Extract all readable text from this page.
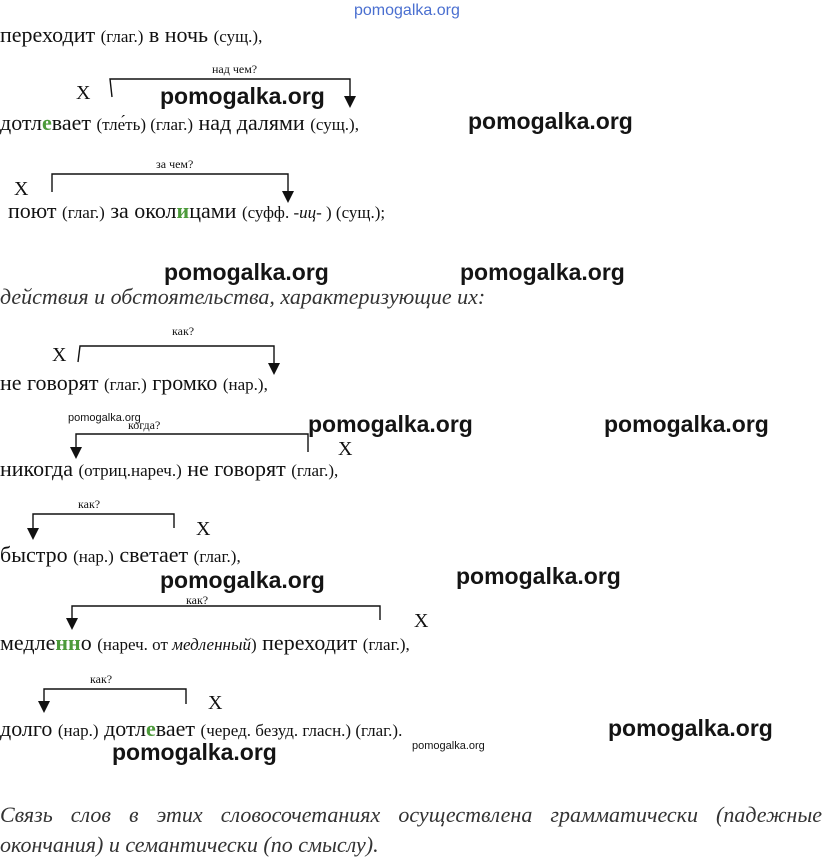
pomogalka.org
над чем?
за чем?
как?
когда?
как?
как?
как?
X
X
X
X
X
X
X
переходит (глаг.) в ночь (сущ.),
дотлевает (тле́ть) (глаг.) над далями (сущ.),
поют (глаг.) за околицами (суфф. -иц- ) (сущ.);
действия и обстоятельства, характеризующие их:
не говорят (глаг.) громко (нар.),
никогда (отриц.нареч.) не говорят (глаг.),
быстро (нар.) светает (глаг.),
медленно (нареч. от медленный) переходит (глаг.),
долго (нар.) дотлевает (черед. безуд. гласн.) (глаг.).
Связь слов в этих словосочетаниях осуществлена грамматически (падежные окончания) и семантически (по смыслу).
pomogalka.org
pomogalka.org
pomogalka.org	pomogalka.org
pomogalka.org	pomogalka.org	pomogalka.org
pomogalka.org	pomogalka.org
pomogalka.org
pomogalka.org
pomogalka.org
